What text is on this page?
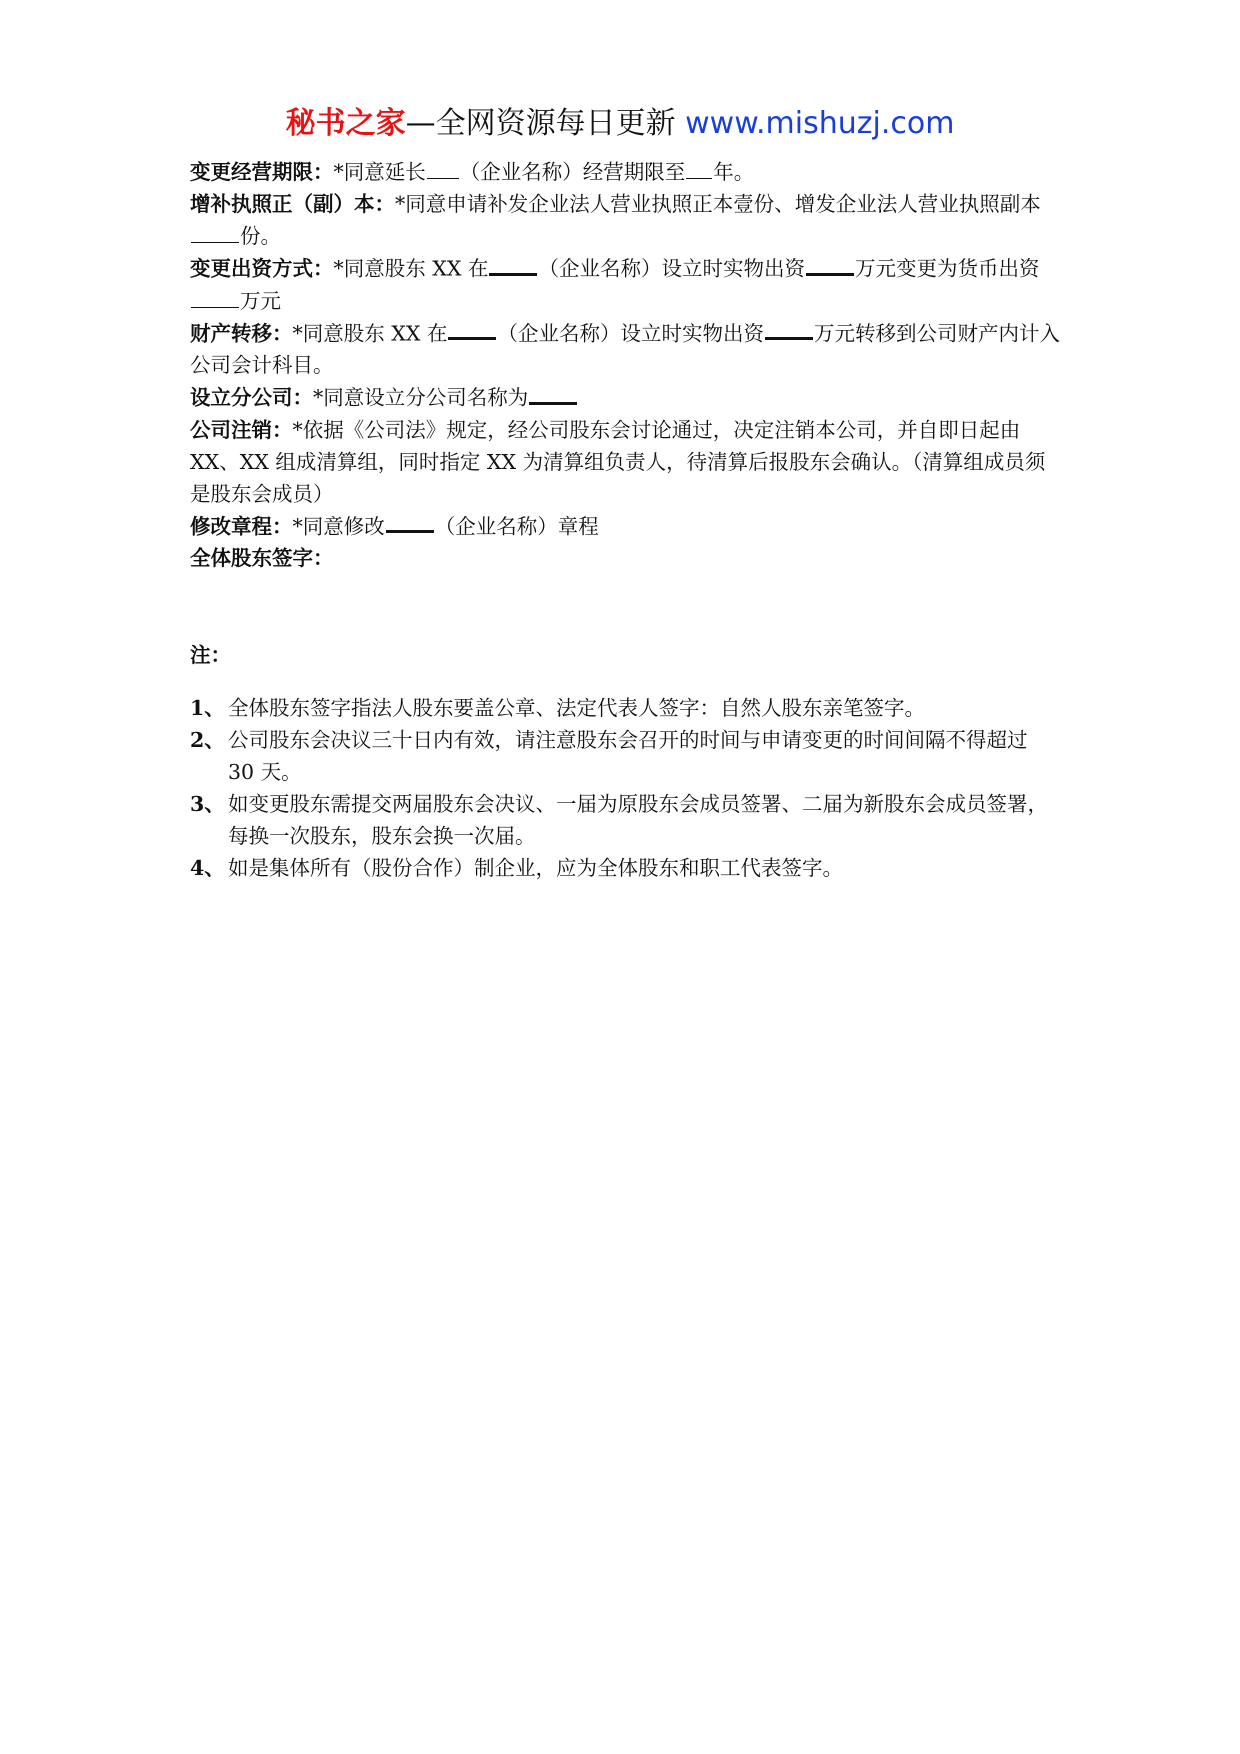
秘书之家—全网资源每日更新 www.mishuzj.com

变更经营期限：*同意延长 （企业名称）经营期限至 年。

增补执照正（副）本：*同意申请补发企业法人营业执照正本壹份、增发企业法人营业执照副本份。

变更出资方式：*同意股东 XX 在 （企业名称）设立时实物出资 万元变更为货币出资万元

财产转移：*同意股东 XX 在 （企业名称）设立时实物出资 万元转移到公司财产内计入公司会计科目。

设立分公司：*同意设立分公司名称为

公司注销：*依据《公司法》规定，经公司股东会讨论通过，决定注销本公司，并自即日起由 XX、XX 组成清算组，同时指定 XX 为清算组负责人，待清算后报股东会确认。（清算组成员须是股东会成员）

修改章程：*同意修改 （企业名称）章程

全体股东签字：

注：

1、 全体股东签字指法人股东要盖公章、法定代表人签字：自然人股东亲笔签字。
2、 公司股东会决议三十日内有效，请注意股东会召开的时间与申请变更的时间间隔不得超过 30 天。
3、 如变更股东需提交两届股东会决议、一届为原股东会成员签署、二届为新股东会成员签署，每换一次股东，股东会换一次届。
4、 如是集体所有（股份合作）制企业，应为全体股东和职工代表签字。
